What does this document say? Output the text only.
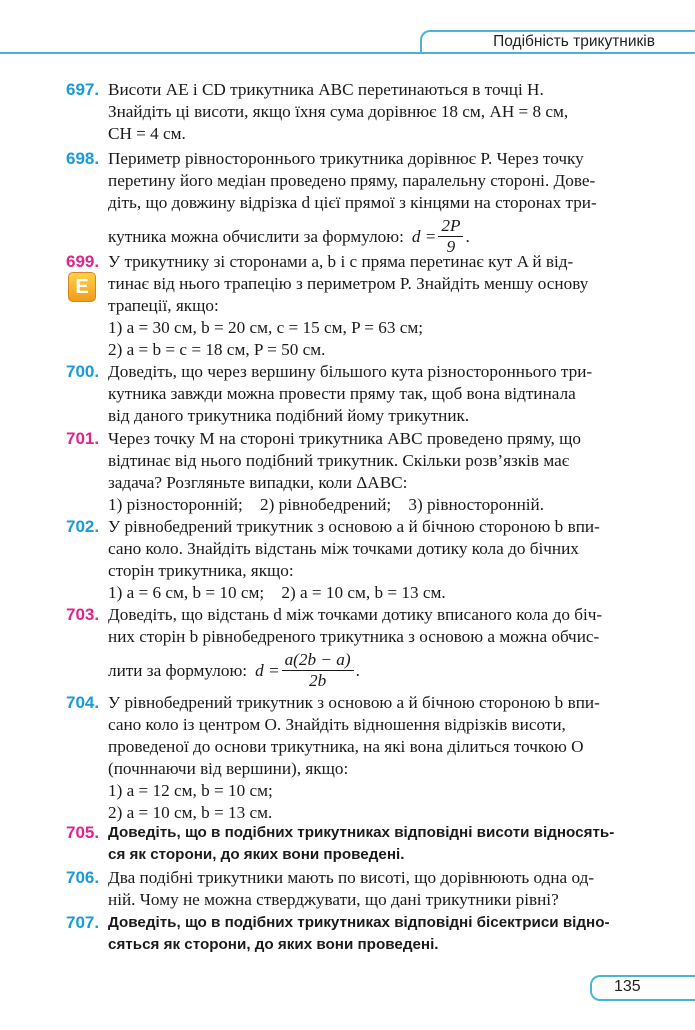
Подібність трикутників
697. Висоти AE і CD трикутника ABC перетинаються в точці H.
Знайдіть ці висоти, якщо їхня сума дорівнює 18 см, AH = 8 см,
CH = 4 см.
698. Периметр рівностороннього трикутника дорівнює P. Через точку
перетину його медіан проведено пряму, паралельну стороні. Дове-
діть, що довжину відрізка d цієї прямої з кінцями на сторонах три-
кутника можна обчислити за формулою: $d = \frac{2P}{9}$ .
699.
E
У трикутнику зі сторонами a, b і c пряма перетинає кут A й від-
тинає від нього трапецію з периметром P. Знайдіть меншу основу
трапеції, якщо:
1) a = 30 см, b = 20 см, c = 15 см, P = 63 см;
2) a = b = c = 18 см, P = 50 см.
700. Доведіть, що через вершину більшого кута різностороннього три-
кутника завжди можна провести пряму так, щоб вона відтинала
від даного трикутника подібний йому трикутник.
701. Через точку M на стороні трикутника ABC проведено пряму, що
відтинає від нього подібний трикутник. Скільки розв’язків має
задача? Розгляньте випадки, коли ΔABC:
1) різносторонній;    2) рівнобедрений;    3) рівносторонній.
702. У рівнобедрений трикутник з основою a й бічною стороною b впи-
сано коло. Знайдіть відстань між точками дотику кола до бічних
сторін трикутника, якщо:
1) a = 6 см, b = 10 см;    2) a = 10 см, b = 13 см.
703. Доведіть, що відстань d між точками дотику вписаного кола до біч-
них сторін b рівнобедреного трикутника з основою a можна обчис-
лити за формулою: $d = \frac{a(2b - a)}{2b}$ .
704. У рівнобедрений трикутник з основою a й бічною стороною b впи-
сано коло із центром O. Знайдіть відношення відрізків висоти,
проведеної до основи трикутника, на які вона ділиться точкою O
(почннаючи від вершини), якщо:
1) a = 12 см, b = 10 см;
2) a = 10 см, b = 13 см.
705. Доведіть, що в подібних трикутниках відповідні висоти відносять-
ся як сторони, до яких вони проведені.
706. Два подібні трикутники мають по висоті, що дорівнюють одна од-
ній. Чому не можна стверджувати, що дані трикутники рівні?
707. Доведіть, що в подібних трикутниках відповідні бісектриси відно-
сяться як сторони, до яких вони проведені.
135
